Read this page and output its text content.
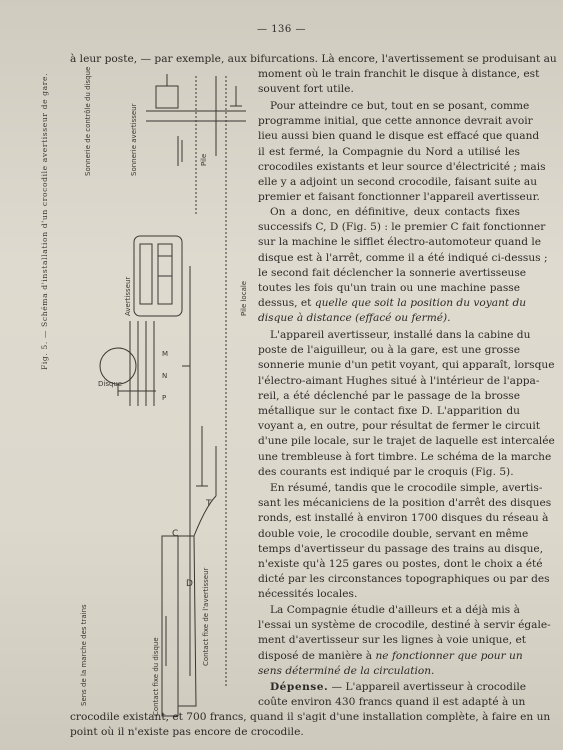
— 136 —
à leur poste, — par exemple, aux bifurcations. Là encore, l'avertissement se produisant au
Disque
C
D
T
M
N
P
Sens de la marche des trains	Contact fixe de l'avertisseur
Contact fixe du disque
Sonnerie de contrôle du disque	Sonnerie avertisseur	Pile
Avertisseur	Pile locale
Fig. 5. — Schéma d'installation d'un crocodile avertisseur de gare.	moment où le train franchit le disque à distance, est
souvent fort utile.
Pour atteindre ce but, tout en se posant, comme
programme initial, que cette annonce devrait avoir
lieu aussi bien quand le disque est effacé que quand
il est fermé, la Compagnie du Nord a utilisé les
crocodiles existants et leur source d'électricité ; mais
elle y a adjoint un second crocodile, faisant suite au
premier et faisant fonctionner l'appareil avertisseur.
On a donc, en définitive, deux contacts fixes
successifs C, D (Fig. 5) : le premier C fait fonctionner
sur la machine le sifflet électro-automoteur quand le
disque est à l'arrêt, comme il a été indiqué ci-dessus ;
le second fait déclencher la sonnerie avertisseuse
toutes les fois qu'un train ou une machine passe
dessus, et quelle que soit la position du voyant du
disque à distance (effacé ou fermé).
L'appareil avertisseur, installé dans la cabine du
poste de l'aiguilleur, ou à la gare, est une grosse
sonnerie munie d'un petit voyant, qui apparaît, lorsque
l'électro-aimant Hughes situé à l'intérieur de l'appa-
reil, a été déclenché par le passage de la brosse
métallique sur le contact fixe D. L'apparition du
voyant a, en outre, pour résultat de fermer le circuit
d'une pile locale, sur le trajet de laquelle est intercalée
une trembleuse à fort timbre. Le schéma de la marche
des courants est indiqué par le croquis (Fig. 5).
En résumé, tandis que le crocodile simple, avertis-
sant les mécaniciens de la position d'arrêt des disques
ronds, est installé à environ 1700 disques du réseau à
double voie, le crocodile double, servant en même
temps d'avertisseur du passage des trains au disque,
n'existe qu'à 125 gares ou postes, dont le choix a été
dicté par les circonstances topographiques ou par des
nécessités locales.
La Compagnie étudie d'ailleurs et a déjà mis à
l'essai un système de crocodile, destiné à servir égale-
ment d'avertisseur sur les lignes à voie unique, et
disposé de manière à ne fonctionner que pour un
sens déterminé de la circulation.
Dépense. — L'appareil avertisseur à crocodile
coûte environ 430 francs quand il est adapté à un
crocodile existant, et 700 francs, quand il s'agit d'une installation complète, à faire en un
point où il n'existe pas encore de crocodile.
